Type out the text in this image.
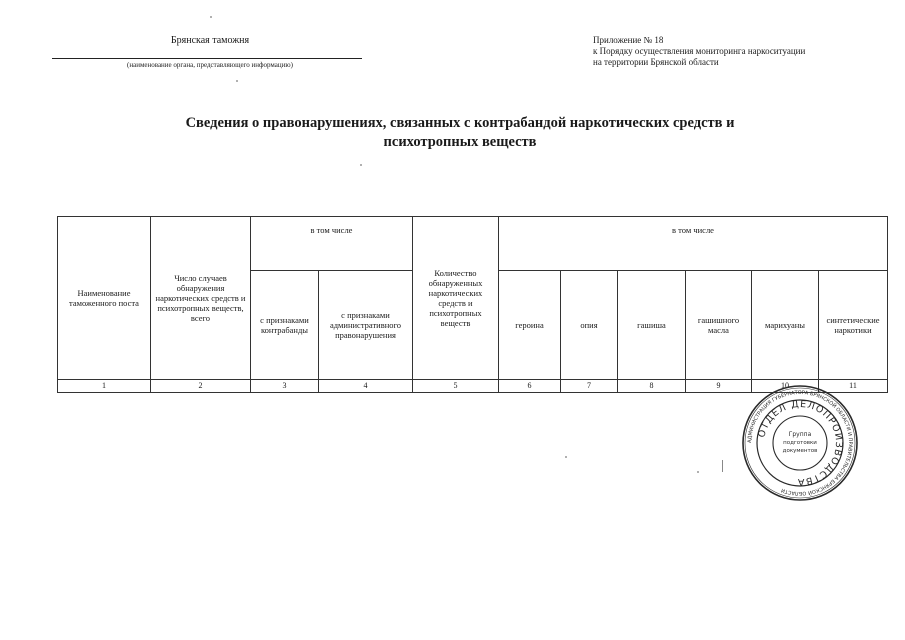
Брянская таможня
(наименование органа, представляющего информацию)
Приложение № 18
к Порядку осуществления мониторинга наркоситуации
на территории Брянской области
Сведения о правонарушениях, связанных с контрабандой наркотических средств и
психотропных веществ
Наименование таможенного поста	Число случаев обнаружения наркотических средств и психотропных веществ, всего	в том числе		Количество обнаруженных наркотических средств и психотропных веществ	в том числе					
		с признаками контрабанды	с признаками административного правонарушения		героина	опия	гашиша	гашишного масла	марихуаны	синтетические наркотики
1	2	3	4	5	6	7	8	9	10	11
АДМИНИСТРАЦИЯ ГУБЕРНАТОРА БРЯНСКОЙ ОБЛАСТИ И ПРАВИТЕЛЬСТВА БРЯНСКОЙ ОБЛАСТИ
ОТДЕЛ ДЕЛОПРОИЗВОДСТВА
Группа
подготовки
документов
